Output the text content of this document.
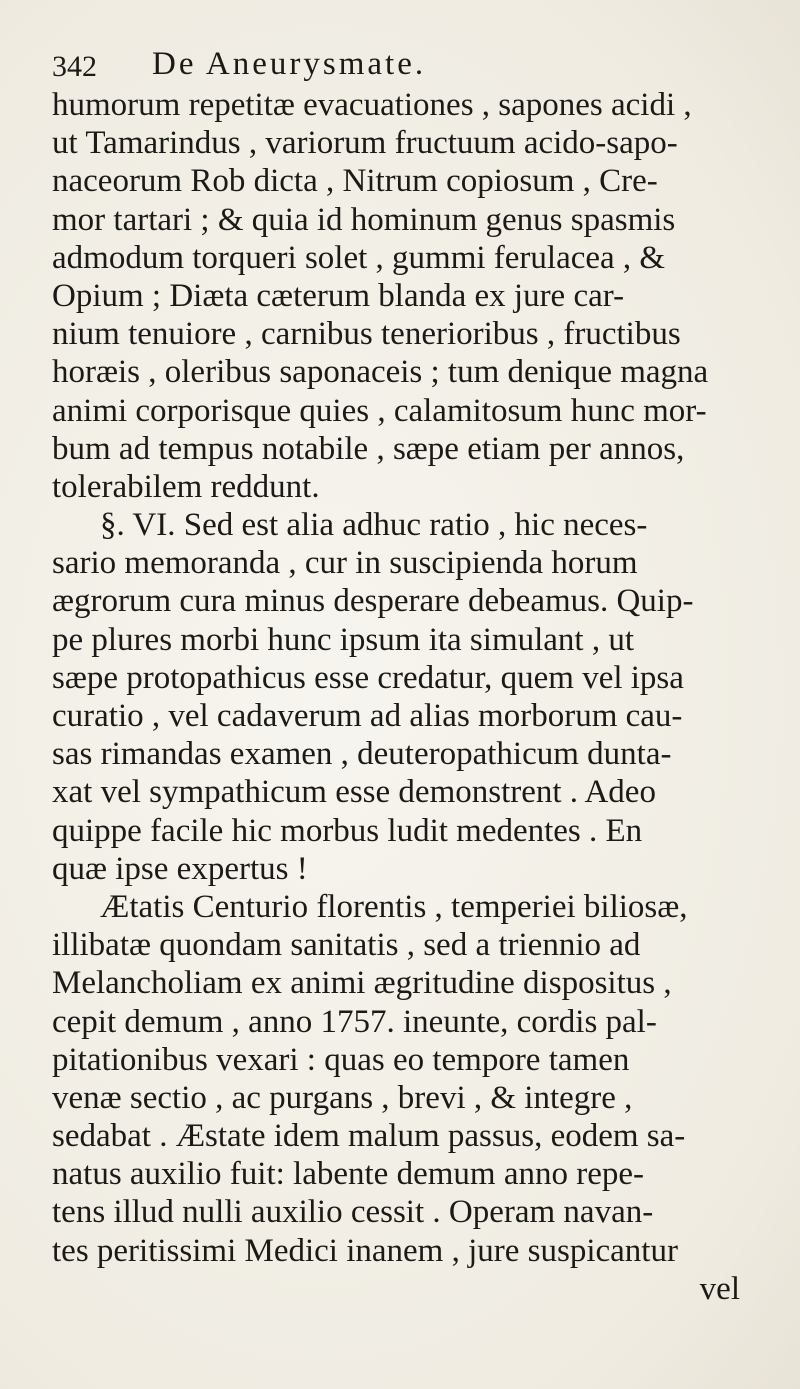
342 De Aneurysmate.
humorum repetitæ evacuationes , sapones acidi ,
ut Tamarindus , variorum fructuum acido-sapo-
naceorum Rob dicta , Nitrum copiosum , Cre-
mor tartari ; & quia id hominum genus spasmis
admodum torqueri solet , gummi ferulacea , &
Opium ; Diæta cæterum blanda ex jure car-
nium tenuiore , carnibus tenerioribus , fructibus
horæis , oleribus saponaceis ; tum denique magna
animi corporisque quies , calamitosum hunc mor-
bum ad tempus notabile , sæpe etiam per annos,
tolerabilem reddunt.
§. VI. Sed est alia adhuc ratio , hic neces-
sario memoranda , cur in suscipienda horum
ægrorum cura minus desperare debeamus. Quip-
pe plures morbi hunc ipsum ita simulant , ut
sæpe protopathicus esse credatur, quem vel ipsa
curatio , vel cadaverum ad alias morborum cau-
sas rimandas examen , deuteropathicum dunta-
xat vel sympathicum esse demonstrent . Adeo
quippe facile hic morbus ludit medentes . En
quæ ipse expertus !
Ætatis Centurio florentis , temperiei biliosæ,
illibatæ quondam sanitatis , sed a triennio ad
Melancholiam ex animi ægritudine dispositus ,
cepit demum , anno 1757. ineunte, cordis pal-
pitationibus vexari : quas eo tempore tamen
venæ sectio , ac purgans , brevi , & integre ,
sedabat . Æstate idem malum passus, eodem sa-
natus auxilio fuit: labente demum anno repe-
tens illud nulli auxilio cessit . Operam navan-
tes peritissimi Medici inanem , jure suspicantur
vel
